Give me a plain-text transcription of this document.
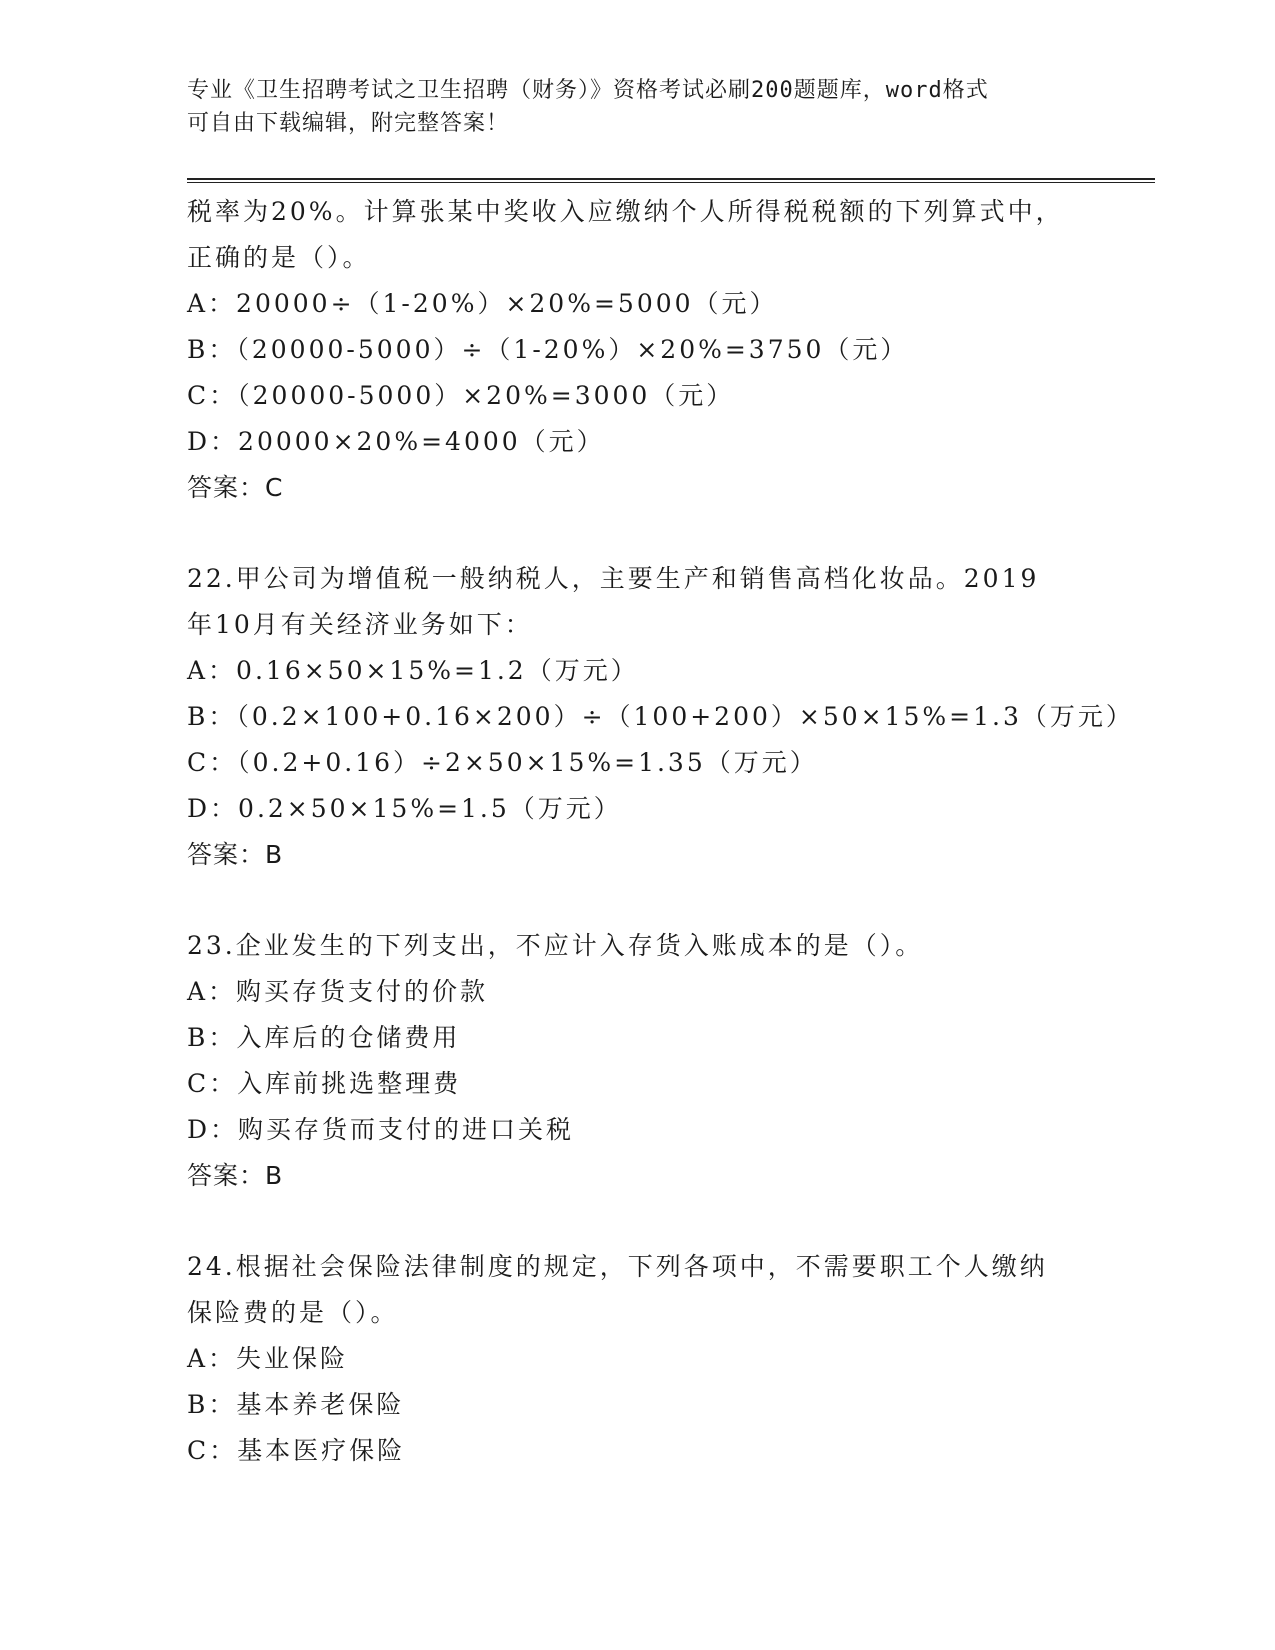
专业《卫生招聘考试之卫生招聘（财务）》资格考试必刷200题题库，word格式
可自由下载编辑，附完整答案！
税率为20%。计算张某中奖收入应缴纳个人所得税税额的下列算式中，
正确的是（）。
A：20000÷（1-20%）×20%=5000（元）
B：（20000-5000）÷（1-20%）×20%=3750（元）
C：（20000-5000）×20%=3000（元）
D：20000×20%=4000（元）
答案：C
22.甲公司为增值税一般纳税人，主要生产和销售高档化妆品。2019
年10月有关经济业务如下：
A：0.16×50×15%=1.2（万元）
B：（0.2×100+0.16×200）÷（100+200）×50×15%=1.3（万元）
C：（0.2+0.16）÷2×50×15%=1.35（万元）
D：0.2×50×15%=1.5（万元）
答案：B
23.企业发生的下列支出，不应计入存货入账成本的是（）。
A：购买存货支付的价款
B：入库后的仓储费用
C：入库前挑选整理费
D：购买存货而支付的进口关税
答案：B
24.根据社会保险法律制度的规定，下列各项中，不需要职工个人缴纳
保险费的是（）。
A：失业保险
B：基本养老保险
C：基本医疗保险
